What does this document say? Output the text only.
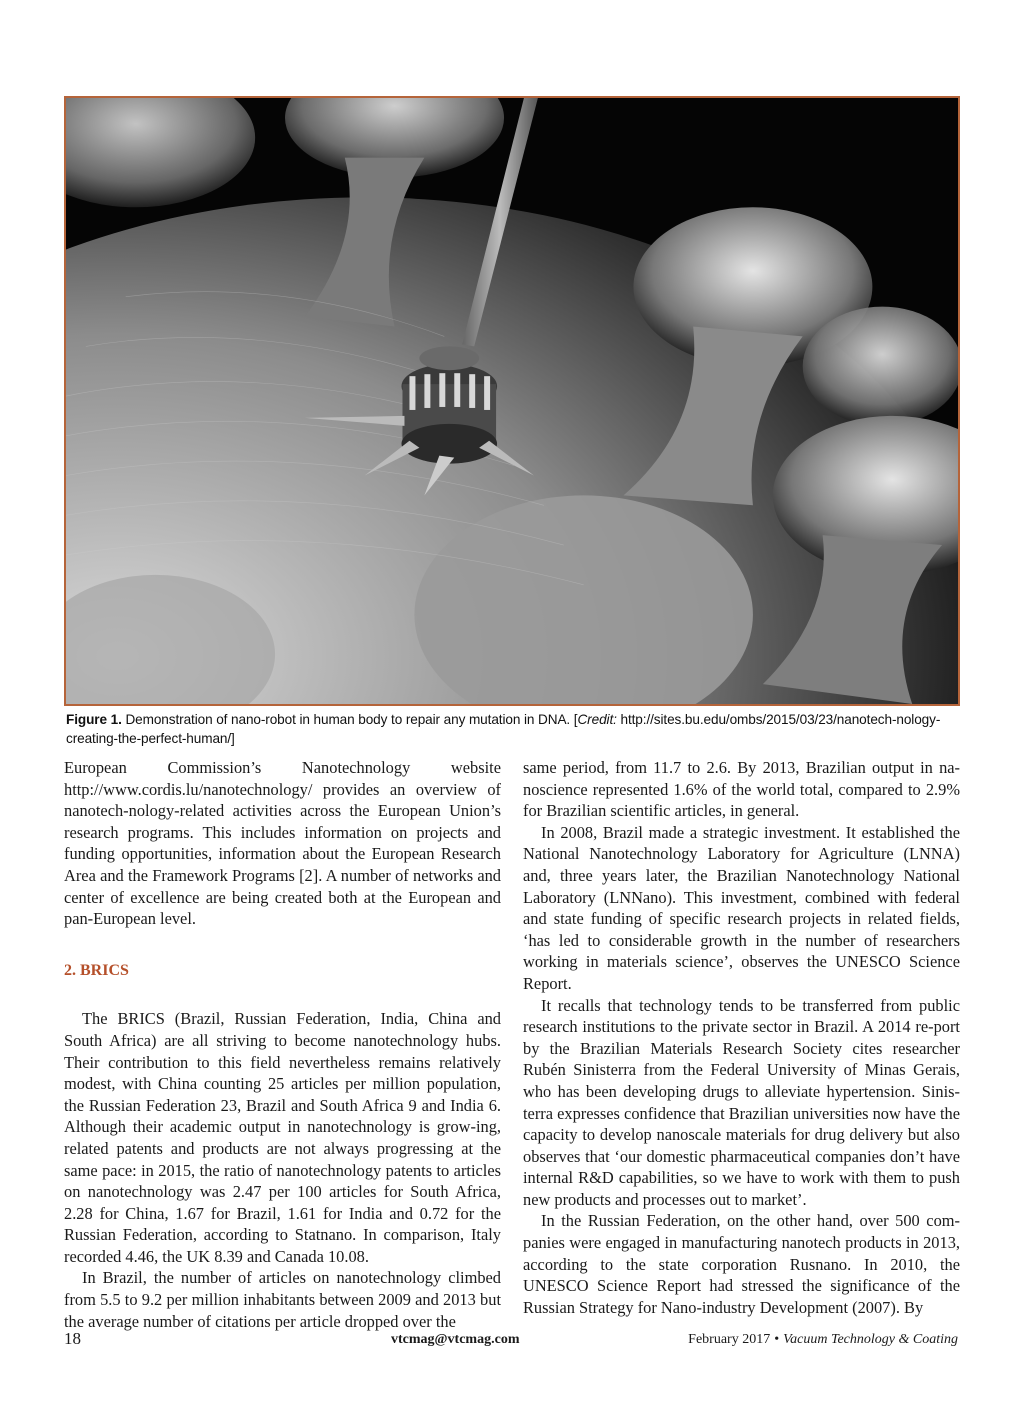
Figure 1. Demonstration of nano-robot in human body to repair any mutation in DNA. [Credit: http://sites.bu.edu/ombs/2015/03/23/nanotech-nology-creating-the-perfect-human/]

European Commission’s Nanotechnology website http://www.cordis.lu/nanotechnology/ provides an overview of nanotech-nology-related activities across the European Union’s research programs. This includes information on projects and funding opportunities, information about the European Research Area and the Framework Programs [2]. A number of networks and center of excellence are being created both at the European and pan-European level.

2. BRICS

The BRICS (Brazil, Russian Federation, India, China and South Africa) are all striving to become nanotechnology hubs. Their contribution to this field nevertheless remains relatively modest, with China counting 25 articles per million population, the Russian Federation 23, Brazil and South Africa 9 and India 6. Although their academic output in nanotechnology is grow-ing, related patents and products are not always progressing at the same pace: in 2015, the ratio of nanotechnology patents to articles on nanotechnology was 2.47 per 100 articles for South Africa, 2.28 for China, 1.67 for Brazil, 1.61 for India and 0.72 for the Russian Federation, according to Statnano. In comparison, Italy recorded 4.46, the UK 8.39 and Canada 10.08.

In Brazil, the number of articles on nanotechnology climbed from 5.5 to 9.2 per million inhabitants between 2009 and 2013 but the average number of citations per article dropped over the

same period, from 11.7 to 2.6. By 2013, Brazilian output in na-noscience represented 1.6% of the world total, compared to 2.9% for Brazilian scientific articles, in general.

In 2008, Brazil made a strategic investment. It established the National Nanotechnology Laboratory for Agriculture (LNNA) and, three years later, the Brazilian Nanotechnology National Laboratory (LNNano). This investment, combined with federal and state funding of specific research projects in related fields, ‘has led to considerable growth in the number of researchers working in materials science’, observes the UNESCO Science Report.

It recalls that technology tends to be transferred from public research institutions to the private sector in Brazil. A 2014 re-port by the Brazilian Materials Research Society cites researcher Rubén Sinisterra from the Federal University of Minas Gerais, who has been developing drugs to alleviate hypertension. Sinis-terra expresses confidence that Brazilian universities now have the capacity to develop nanoscale materials for drug delivery but also observes that ‘our domestic pharmaceutical companies don’t have internal R&D capabilities, so we have to work with them to push new products and processes out to market’.

In the Russian Federation, on the other hand, over 500 com-panies were engaged in manufacturing nanotech products in 2013, according to the state corporation Rusnano. In 2010, the UNESCO Science Report had stressed the significance of the Russian Strategy for Nano-industry Development (2007). By

18	vtcmag@vtcmag.com	February 2017 • Vacuum Technology & Coating
